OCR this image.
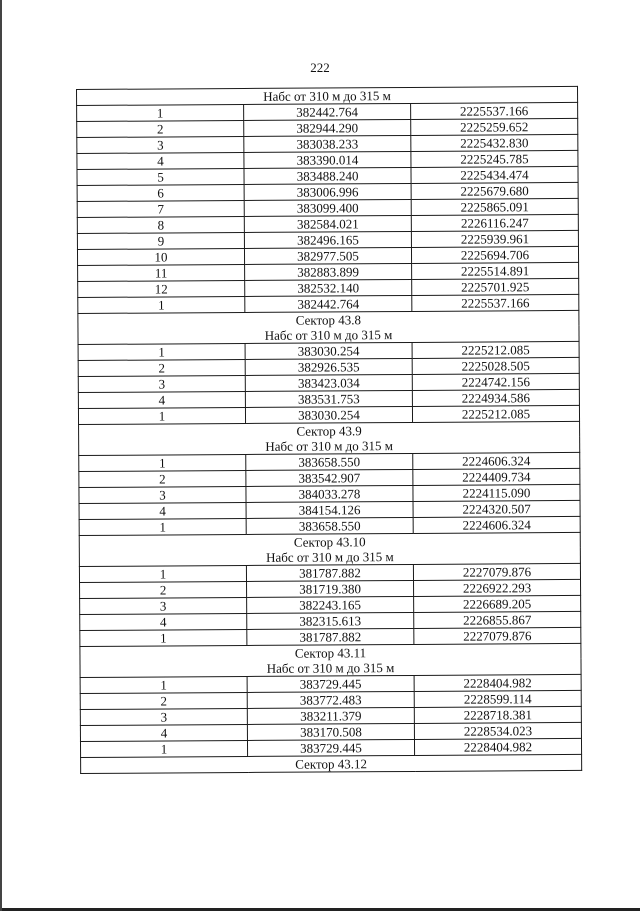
222
Набс от 310 м до 315 м		
1	382442.764	2225537.166
2	382944.290	2225259.652
3	383038.233	2225432.830
4	383390.014	2225245.785
5	383488.240	2225434.474
6	383006.996	2225679.680
7	383099.400	2225865.091
8	382584.021	2226116.247
9	382496.165	2225939.961
10	382977.505	2225694.706
11	382883.899	2225514.891
12	382532.140	2225701.925
1	382442.764	2225537.166
Сектор 43.8		
Набс от 310 м до 315 м		
1	383030.254	2225212.085
2	382926.535	2225028.505
3	383423.034	2224742.156
4	383531.753	2224934.586
1	383030.254	2225212.085
Сектор 43.9		
Набс от 310 м до 315 м		
1	383658.550	2224606.324
2	383542.907	2224409.734
3	384033.278	2224115.090
4	384154.126	2224320.507
1	383658.550	2224606.324
Сектор 43.10		
Набс от 310 м до 315 м		
1	381787.882	2227079.876
2	381719.380	2226922.293
3	382243.165	2226689.205
4	382315.613	2226855.867
1	381787.882	2227079.876
Сектор 43.11		
Набс от 310 м до 315 м		
1	383729.445	2228404.982
2	383772.483	2228599.114
3	383211.379	2228718.381
4	383170.508	2228534.023
1	383729.445	2228404.982
Сектор 43.12		
